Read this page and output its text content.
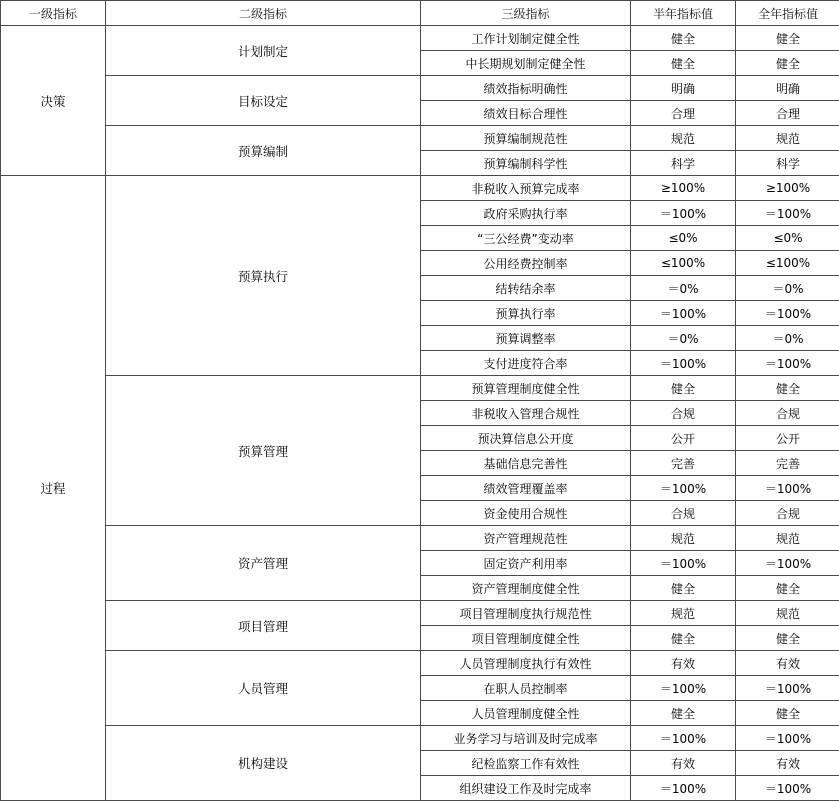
一级指标	二级指标	三级指标	半年指标值	全年指标值
决策	计划制定	工作计划制定健全性	健全	健全
		中长期规划制定健全性	健全	健全
	目标设定	绩效指标明确性	明确	明确
		绩效目标合理性	合理	合理
	预算编制	预算编制规范性	规范	规范
		预算编制科学性	科学	科学
过程	预算执行	非税收入预算完成率	≥100%	≥100%
		政府采购执行率	＝100%	＝100%
		“三公经费”变动率	≤0%	≤0%
		公用经费控制率	≤100%	≤100%
		结转结余率	＝0%	＝0%
		预算执行率	＝100%	＝100%
		预算调整率	＝0%	＝0%
		支付进度符合率	＝100%	＝100%
	预算管理	预算管理制度健全性	健全	健全
		非税收入管理合规性	合规	合规
		预决算信息公开度	公开	公开
		基础信息完善性	完善	完善
		绩效管理覆盖率	＝100%	＝100%
		资金使用合规性	合规	合规
	资产管理	资产管理规范性	规范	规范
		固定资产利用率	＝100%	＝100%
		资产管理制度健全性	健全	健全
	项目管理	项目管理制度执行规范性	规范	规范
		项目管理制度健全性	健全	健全
	人员管理	人员管理制度执行有效性	有效	有效
		在职人员控制率	＝100%	＝100%
		人员管理制度健全性	健全	健全
	机构建设	业务学习与培训及时完成率	＝100%	＝100%
		纪检监察工作有效性	有效	有效
		组织建设工作及时完成率	＝100%	＝100%
